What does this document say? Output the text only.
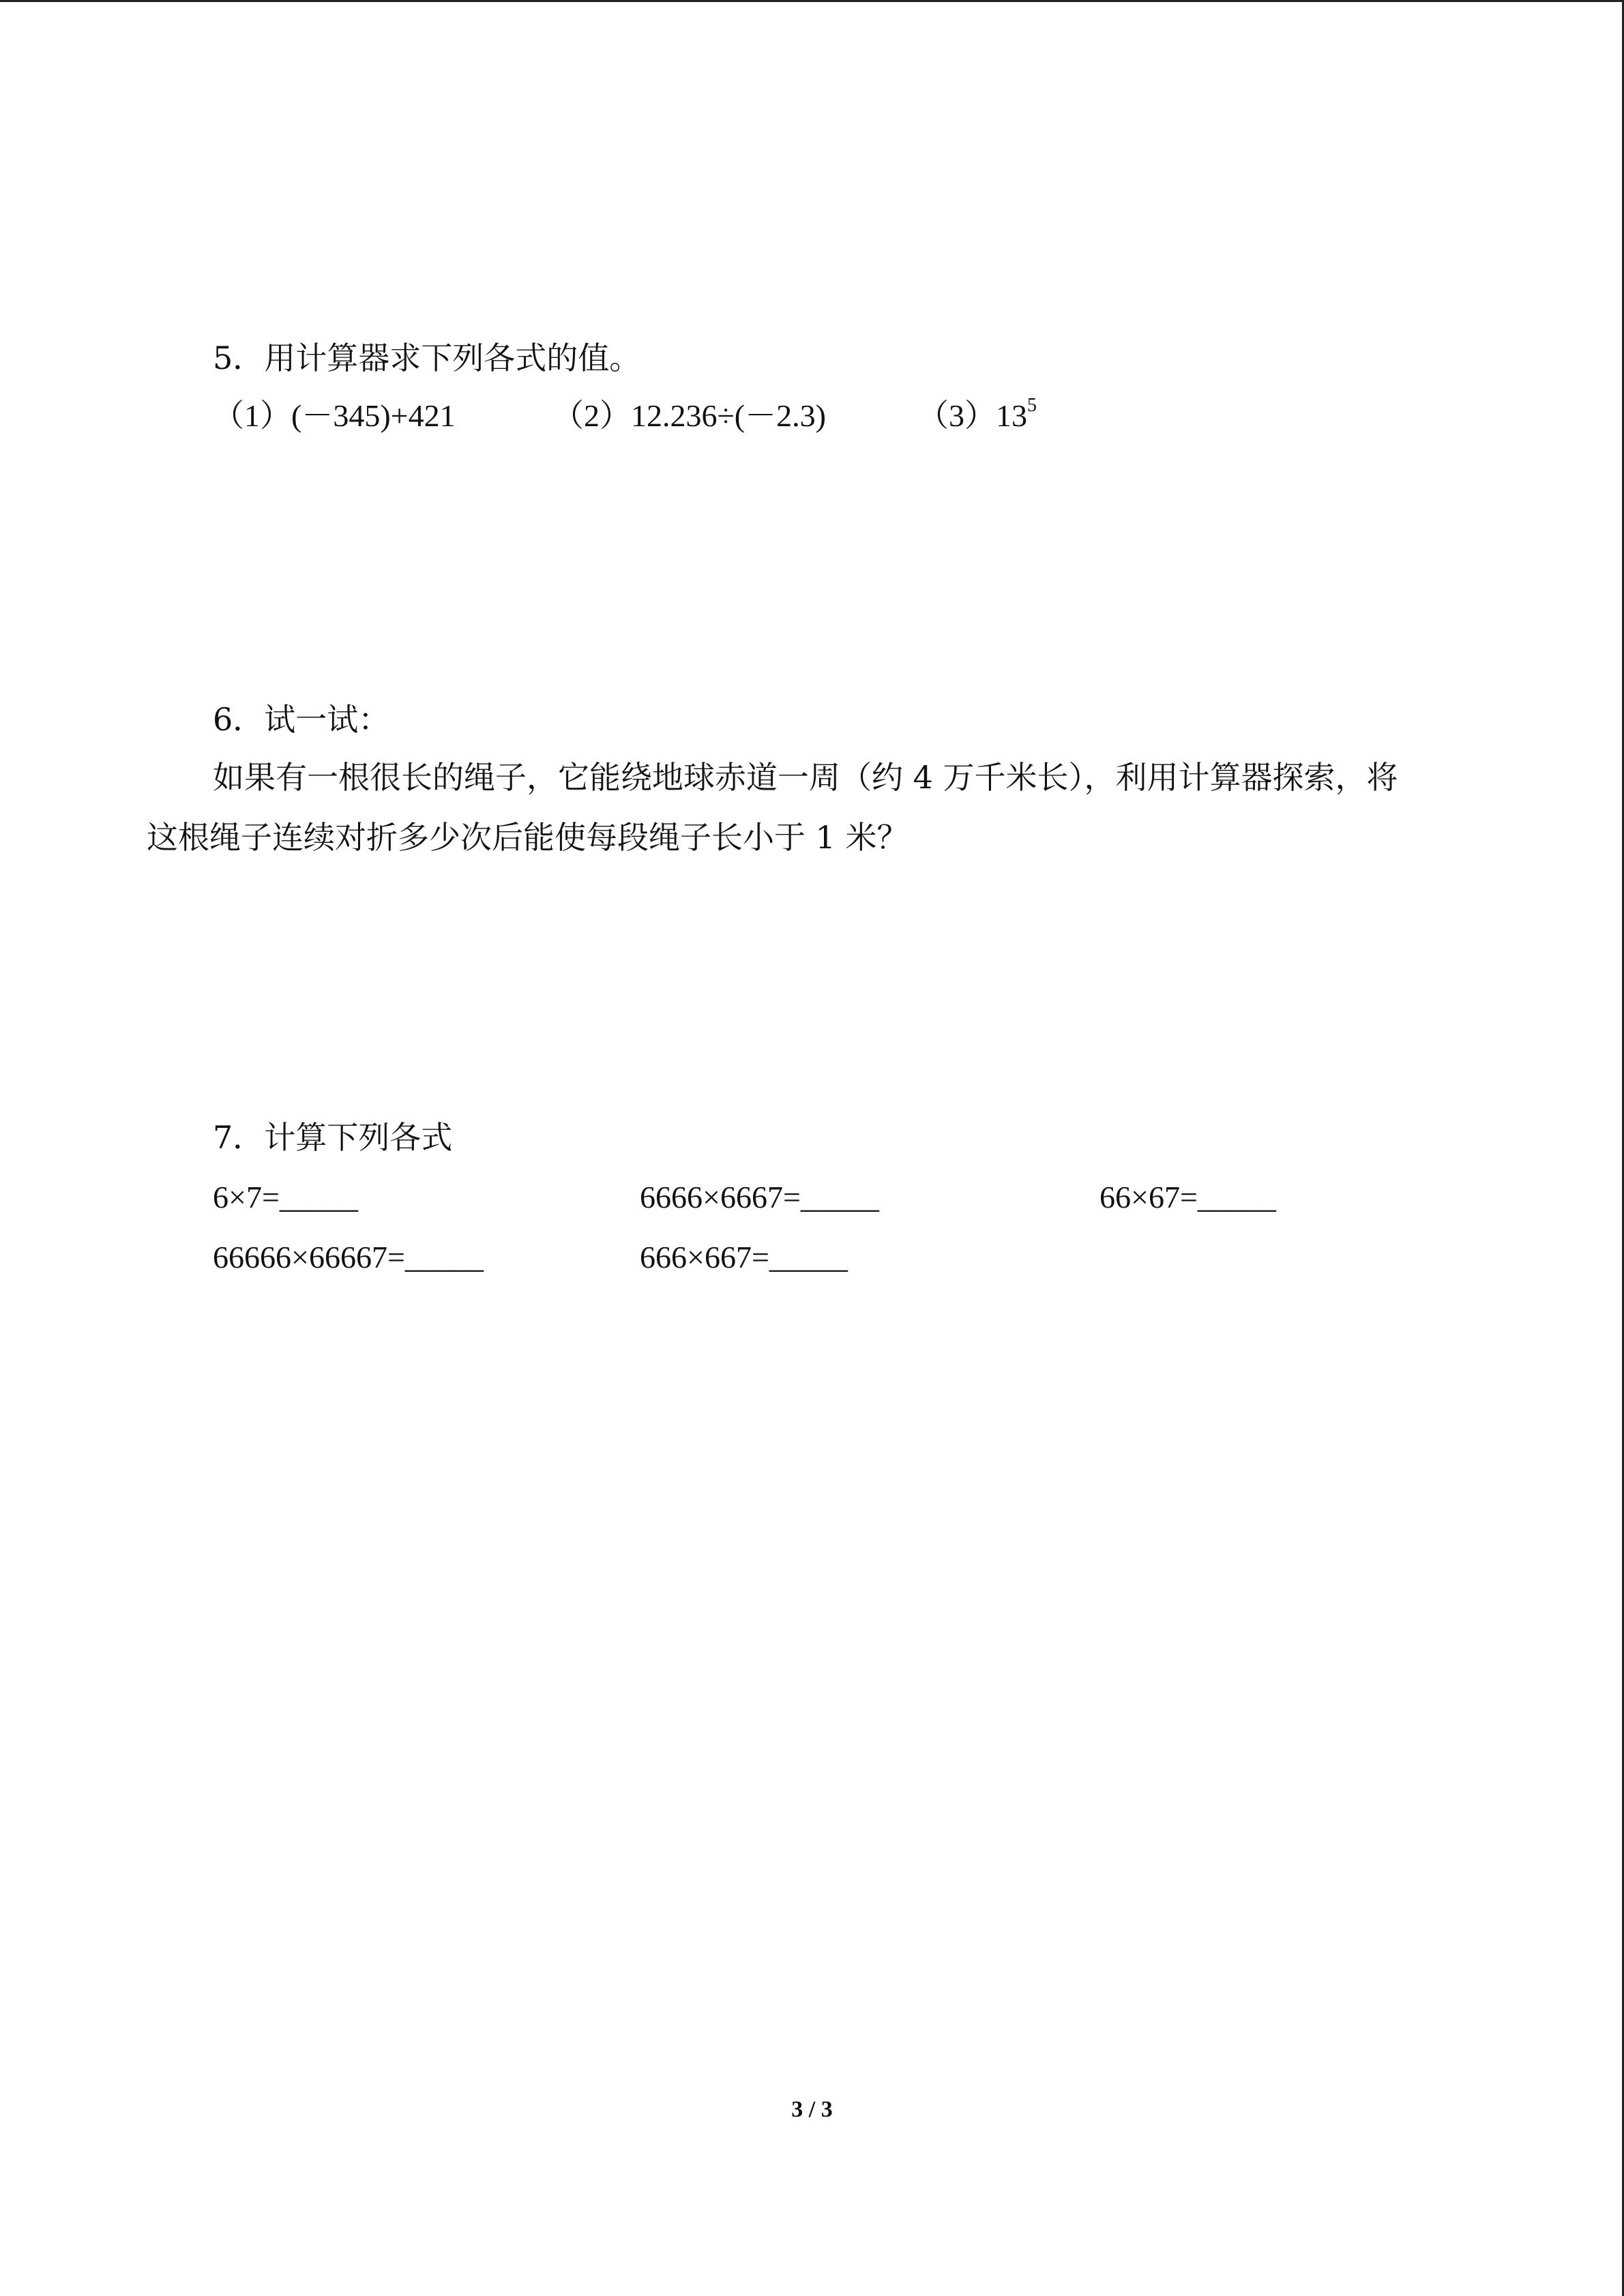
5．用计算器求下列各式的值。
（1）(－345)+421	（2）12.236÷(－2.3)	$(3)13^5$
6．试一试：
如果有一根很长的绳子，它能绕地球赤道一周（约 4 万千米长），利用计算器探索，将
这根绳子连续对折多少次后能使每段绳子长小于 1 米？
7．计算下列各式
6×7=_____	6666×6667=_____	66×67=_____
66666×66667=_____	666×667=_____
3 / 3
